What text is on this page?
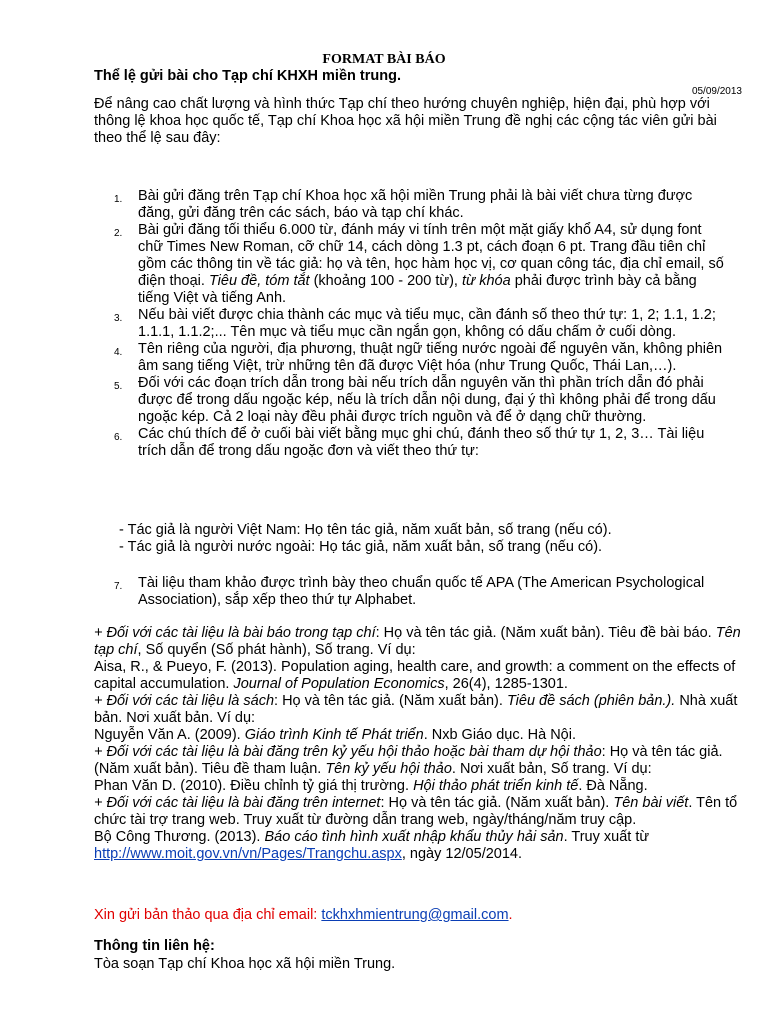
FORMAT BÀI BÁO
Thể lệ gửi bài cho Tạp chí KHXH miền trung.
05/09/2013
Để nâng cao chất lượng và hình thức Tạp chí theo hướng chuyên nghiệp, hiện đại, phù hợp với thông lệ khoa học quốc tế, Tạp chí Khoa học xã hội miền Trung đề nghị các cộng tác viên gửi bài theo thể lệ sau đây:
1. Bài gửi đăng trên Tạp chí Khoa học xã hội miền Trung phải là bài viết chưa từng được đăng, gửi đăng trên các sách, báo và tạp chí khác.
2. Bài gửi đăng tối thiểu 6.000 từ, đánh máy vi tính trên một mặt giấy khổ A4, sử dụng font chữ Times New Roman, cỡ chữ 14, cách dòng 1.3 pt, cách đoạn 6 pt. Trang đầu tiên chỉ gồm các thông tin về tác giả: họ và tên, học hàm học vị, cơ quan công tác, địa chỉ email, số điện thoại. Tiêu đề, tóm tắt (khoảng 100 - 200 từ), từ khóa phải được trình bày cả bằng tiếng Việt và tiếng Anh.
3. Nếu bài viết được chia thành các mục và tiểu mục, cần đánh số theo thứ tự: 1, 2; 1.1, 1.2; 1.1.1, 1.1.2;... Tên mục và tiểu mục cần ngắn gọn, không có dấu chấm ở cuối dòng.
4. Tên riêng của người, địa phương, thuật ngữ tiếng nước ngoài để nguyên văn, không phiên âm sang tiếng Việt, trừ những tên đã được Việt hóa (như Trung Quốc, Thái Lan,…).
5. Đối với các đoạn trích dẫn trong bài nếu trích dẫn nguyên văn thì phần trích dẫn đó phải được để trong dấu ngoặc kép, nếu là trích dẫn nội dung, đại ý thì không phải để trong dấu ngoặc kép. Cả 2 loại này đều phải được trích nguồn và để ở dạng chữ thường.
6. Các chú thích để ở cuối bài viết bằng mục ghi chú, đánh theo số thứ tự 1, 2, 3… Tài liệu trích dẫn để trong dấu ngoặc đơn và viết theo thứ tự:
- Tác giả là người Việt Nam: Họ tên tác giả, năm xuất bản, số trang (nếu có).
- Tác giả là người nước ngoài: Họ tác giả, năm xuất bản, số trang (nếu có).
7.	Tài liệu tham khảo được trình bày theo chuẩn quốc tế APA (The American Psychological Association), sắp xếp theo thứ tự Alphabet.

+ Đối với các tài liệu là bài báo trong tạp chí: Họ và tên tác giả. (Năm xuất bản). Tiêu đề bài báo. Tên tạp chí, Số quyển (Số phát hành), Số trang. Ví dụ:

Aisa, R., & Pueyo, F. (2013). Population aging, health care, and growth: a comment on the effects of capital accumulation. Journal of Population Economics, 26(4), 1285-1301.

+ Đối với các tài liệu là sách: Họ và tên tác giả. (Năm xuất bản). Tiêu đề sách (phiên bản.). Nhà xuất bản. Nơi xuất bản. Ví dụ:

Nguyễn Văn A. (2009). Giáo trình Kinh tế Phát triển. Nxb Giáo dục. Hà Nội.

+ Đối với các tài liệu là bài đăng trên kỷ yếu hội thảo hoặc bài tham dự hội thảo: Họ và tên tác giả. (Năm xuất bản). Tiêu đề tham luận. Tên kỷ yếu hội thảo. Nơi xuất bản, Số trang. Ví dụ:

Phan Văn D. (2010). Điều chỉnh tỷ giá thị trường. Hội thảo phát triển kinh tế. Đà Nẵng.

+ Đối với các tài liệu là bài đăng trên internet: Họ và tên tác giả. (Năm xuất bản). Tên bài viết. Tên tổ chức tài trợ trang web. Truy xuất từ đường dẫn trang web, ngày/tháng/năm truy cập.

Bộ Công Thương. (2013). Báo cáo tình hình xuất nhập khẩu thủy hải sản. Truy xuất từ http://www.moit.gov.vn/vn/Pages/Trangchu.aspx, ngày 12/05/2014.

Xin gửi bản thảo qua địa chỉ email: tckhxhmientrung@gmail.com.
Thông tin liên hệ:
Tòa soạn Tạp chí Khoa học xã hội miền Trung.
